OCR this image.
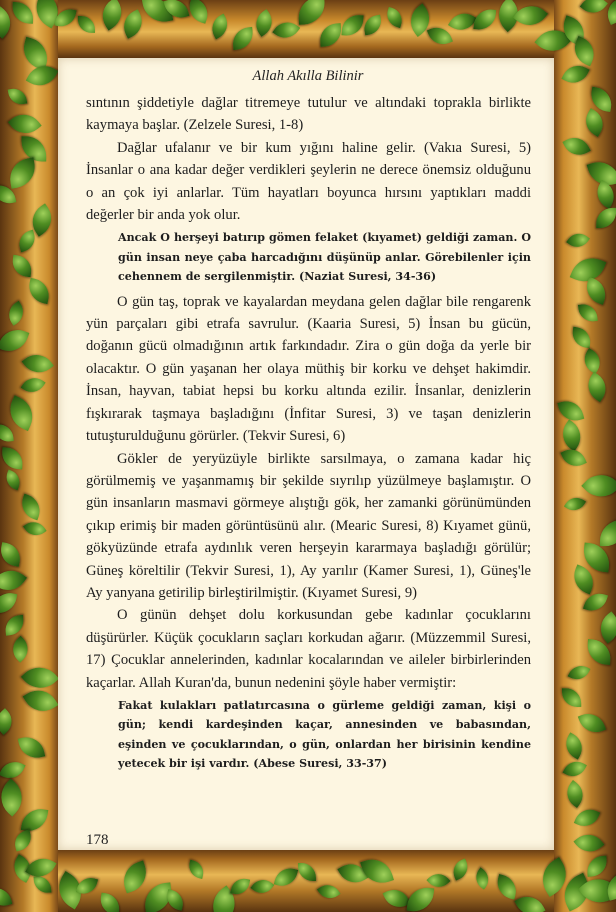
Allah Akılla Bilinir

sıntının şiddetiyle dağlar titremeye tutulur ve altındaki toprakla birlikte kaymaya başlar. (Zelzele Suresi, 1-8)

Dağlar ufalanır ve bir kum yığını haline gelir. (Vakıa Suresi, 5) İnsanlar o ana kadar değer verdikleri şeylerin ne derece önemsiz olduğunu o an çok iyi anlarlar. Tüm hayatları boyunca hırsını yaptıkları maddi değerler bir anda yok olur.

Ancak O herşeyi batırıp gömen felaket (kıyamet) geldiği zaman. O gün insan neye çaba harcadığını düşünüp anlar. Görebilenler için cehennem de sergilenmiştir. (Naziat Suresi, 34-36)

O gün taş, toprak ve kayalardan meydana gelen dağlar bile rengarenk yün parçaları gibi etrafa savrulur. (Kaaria Suresi, 5) İnsan bu gücün, doğanın gücü olmadığının artık farkındadır. Zira o gün doğa da yerle bir olacaktır. O gün yaşanan her olaya müthiş bir korku ve dehşet hakimdir. İnsan, hayvan, tabiat hepsi bu korku altında ezilir. İnsanlar, denizlerin fışkırarak taşmaya başladığını (İnfitar Suresi, 3) ve taşan denizlerin tutuşturulduğunu görürler. (Tekvir Suresi, 6)

Gökler de yeryüzüyle birlikte sarsılmaya, o zamana kadar hiç görülmemiş ve yaşanmamış bir şekilde sıyrılıp yüzülmeye başlamıştır. O gün insanların masmavi görmeye alıştığı gök, her zamanki görünümünden çıkıp erimiş bir maden görüntüsünü alır. (Mearic Suresi, 8) Kıyamet günü, gökyüzünde etrafa aydınlık veren herşeyin kararmaya başladığı görülür; Güneş köreltilir (Tekvir Suresi, 1), Ay yarılır (Kamer Suresi, 1), Güneş'le Ay yanyana getirilip birleştirilmiştir. (Kıyamet Suresi, 9)

O günün dehşet dolu korkusundan gebe kadınlar çocuklarını düşürürler. Küçük çocukların saçları korkudan ağarır. (Müzzemmil Suresi, 17) Çocuklar annelerinden, kadınlar kocalarından ve aileler birbirlerinden kaçarlar. Allah Kuran'da, bunun nedenini şöyle haber vermiştir:

Fakat kulakları patlatırcasına o gürleme geldiği zaman, kişi o gün; kendi kardeşinden kaçar, annesinden ve babasından, eşinden ve çocuklarından, o gün, onlardan her birisinin kendine yetecek bir işi vardır. (Abese Suresi, 33-37)
178
